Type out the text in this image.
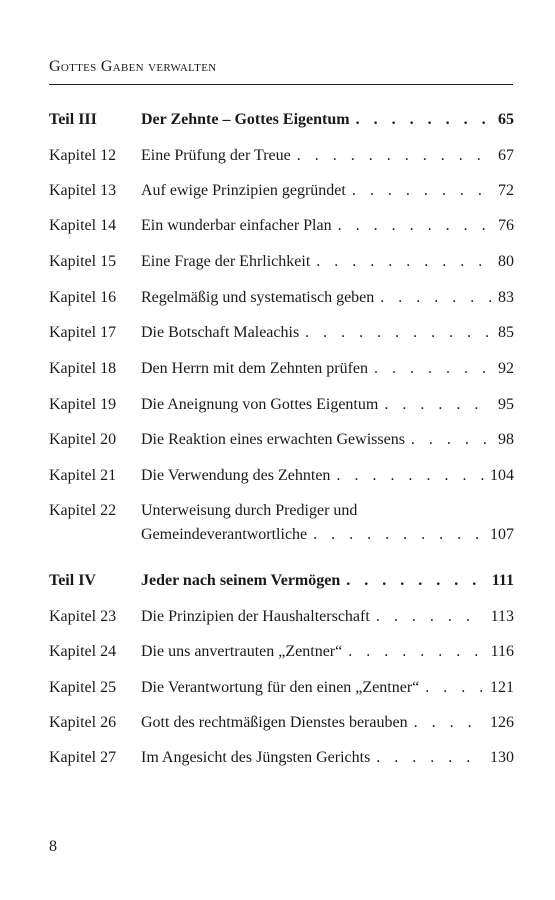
Gottes Gaben verwalten
Teil III	Der Zehnte – Gottes Eigentum . . .	65
Kapitel 12 Eine Prüfung der Treue . . .	67
Kapitel 13 Auf ewige Prinzipien gegründet . . .	72
Kapitel 14 Ein wunderbar einfacher Plan . . .	76
Kapitel 15 Eine Frage der Ehrlichkeit . . .	80
Kapitel 16 Regelmäßig und systematisch geben . . .	83
Kapitel 17 Die Botschaft Maleachis . . .	85
Kapitel 18 Den Herrn mit dem Zehnten prüfen . . .	92
Kapitel 19 Die Aneignung von Gottes Eigentum . . .	95
Kapitel 20 Die Reaktion eines erwachten Gewissens . . .	98
Kapitel 21 Die Verwendung des Zehnten . . .	104
Kapitel 22 Unterweisung durch Prediger und
Gemeindeverantwortliche . . .	107
Teil IV	Jeder nach seinem Vermögen . . .	111
Kapitel 23 Die Prinzipien der Haushalterschaft . . .	113
Kapitel 24 Die uns anvertrauten „Zentner“ . . .	116
Kapitel 25 Die Verantwortung für den einen „Zentner“ . . .	121
Kapitel 26 Gott des rechtmäßigen Dienstes berauben . . .	126
Kapitel 27 Im Angesicht des Jüngsten Gerichts . . .	130
8
